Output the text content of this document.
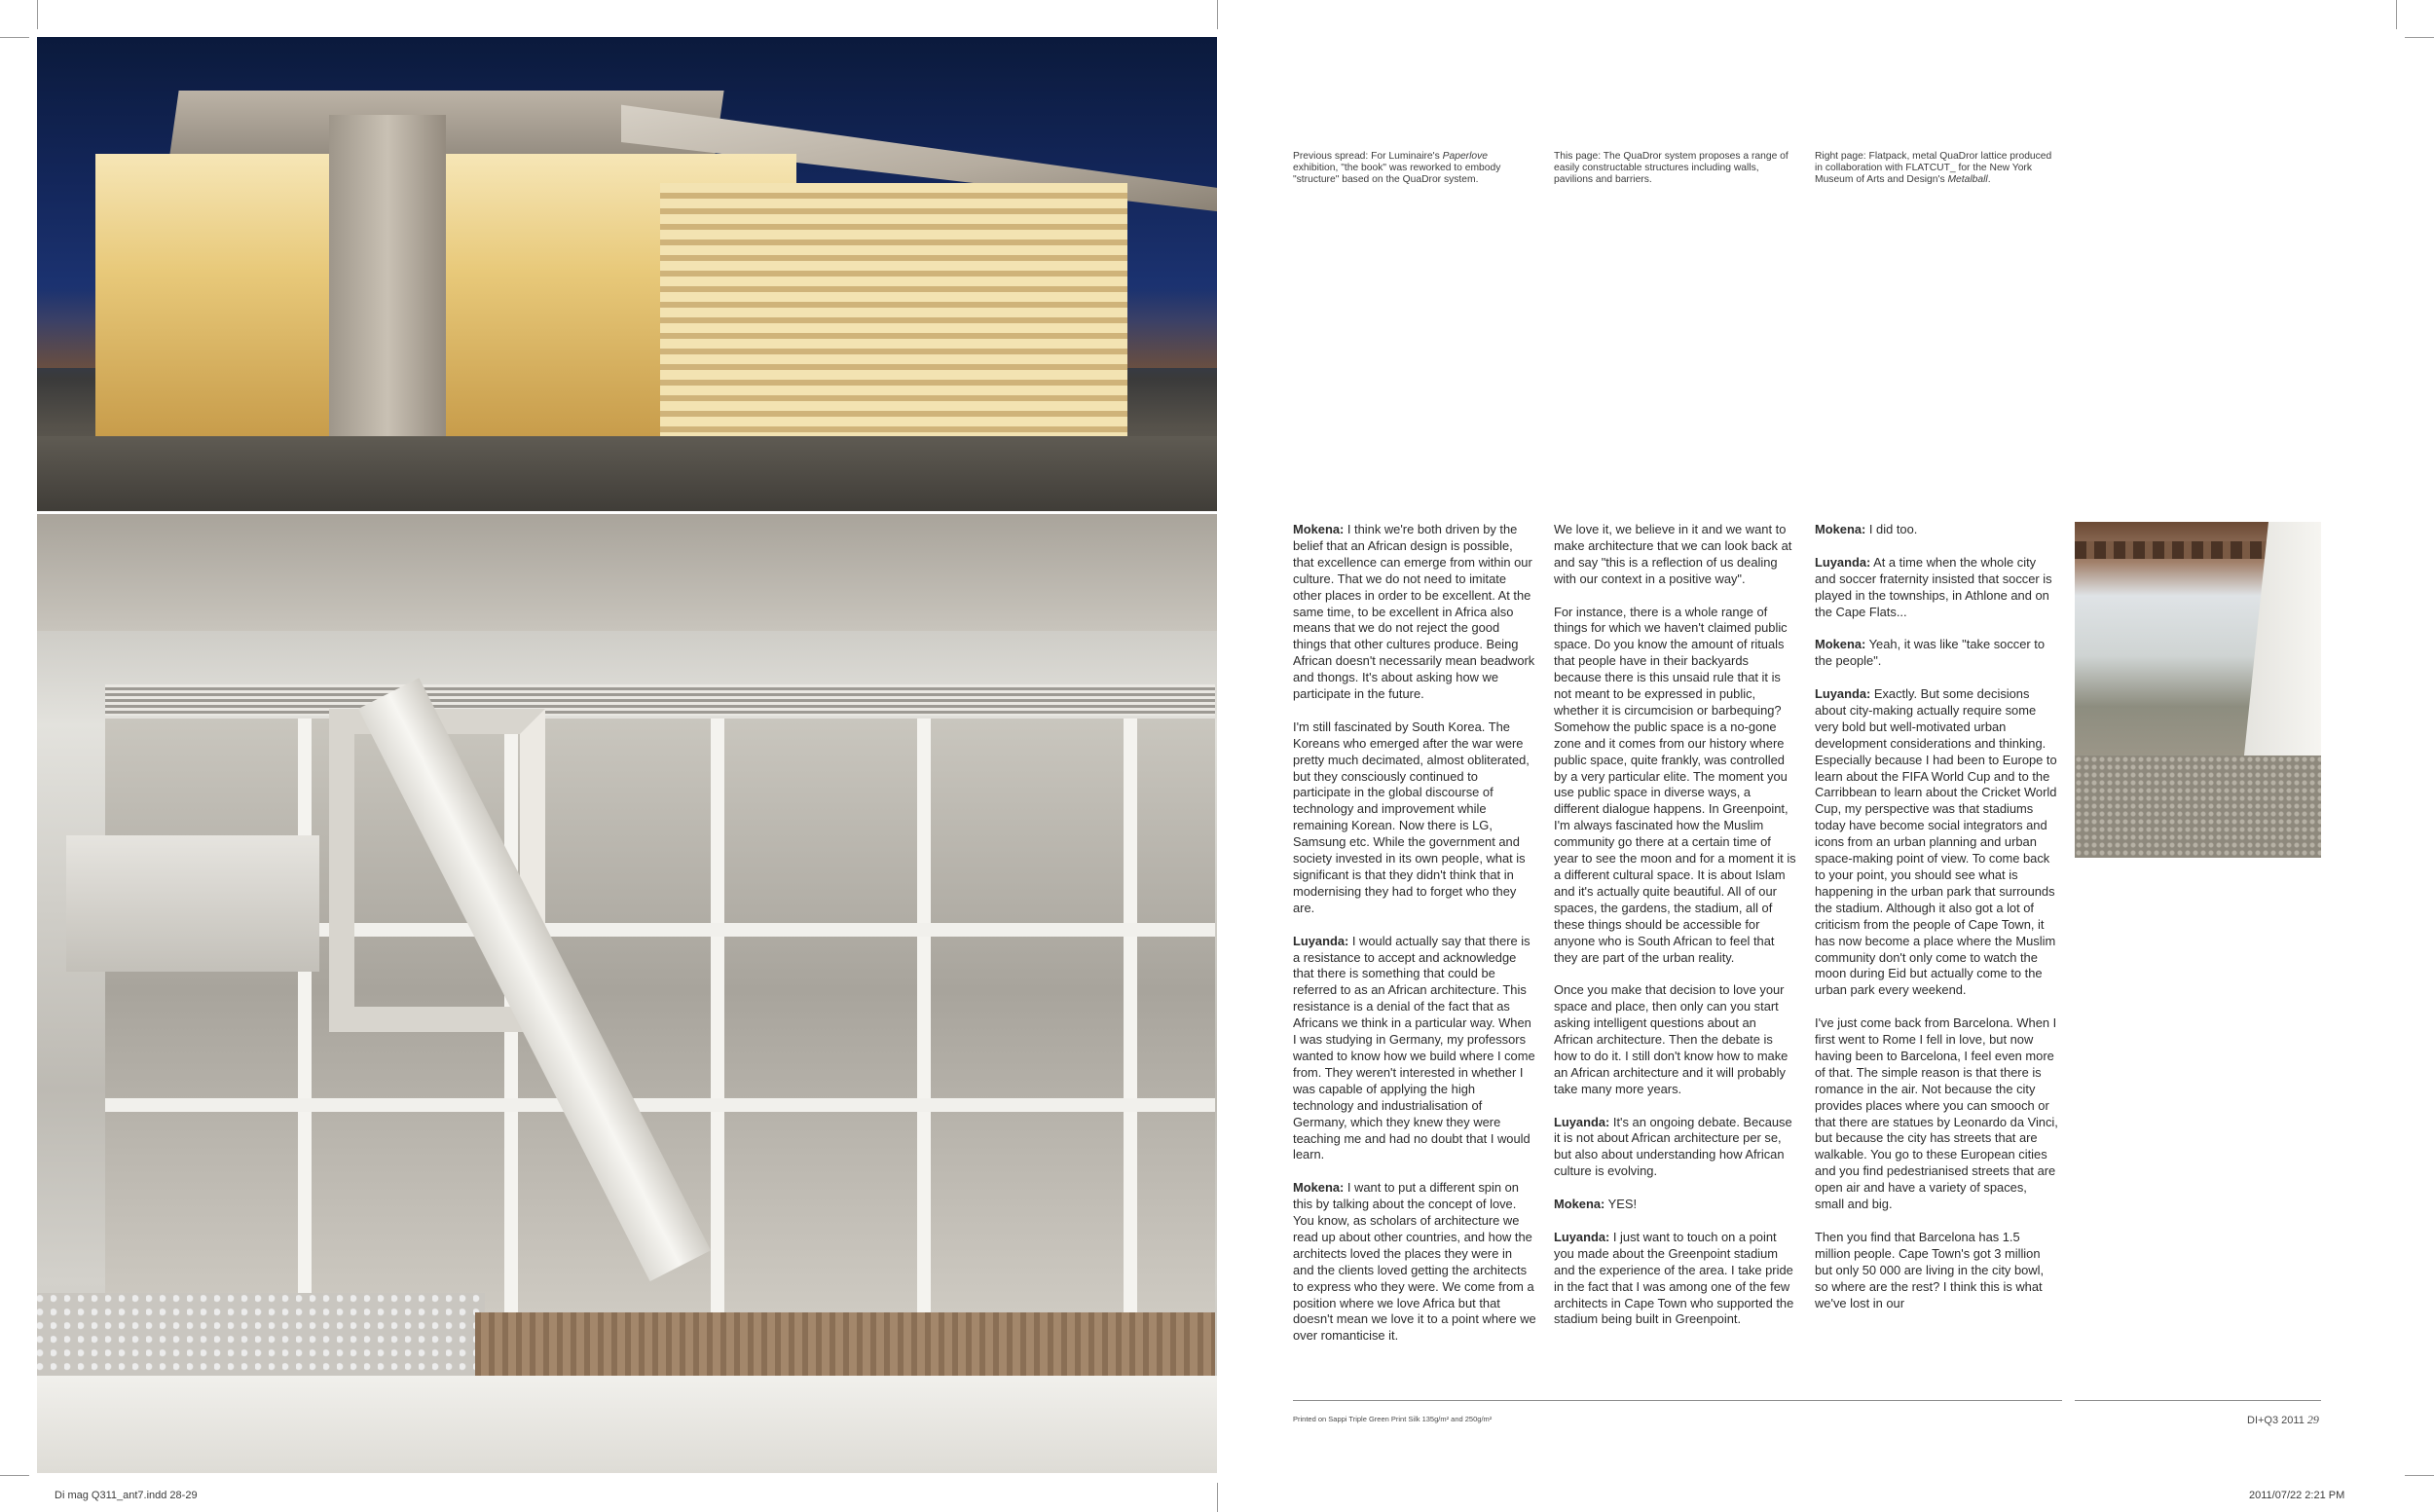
Previous spread: For Luminaire's Paperlove exhibition, "the book" was reworked to embody "structure" based on the QuaDror system.
This page: The QuaDror system proposes a range of easily constructable structures including walls, pavilions and barriers.
Right page: Flatpack, metal QuaDror lattice produced in collaboration with FLATCUT_ for the New York Museum of Arts and Design's Metalball.

Mokena: I think we're both driven by the belief that an African design is possible, that excellence can emerge from within our culture. That we do not need to imitate other places in order to be excellent. At the same time, to be excellent in Africa also means that we do not reject the good things that other cultures produce. Being African doesn't necessarily mean beadwork and thongs. It's about asking how we participate in the future.

I'm still fascinated by South Korea. The Koreans who emerged after the war were pretty much decimated, almost obliterated, but they consciously continued to participate in the global discourse of technology and improvement while remaining Korean. Now there is LG, Samsung etc. While the government and society invested in its own people, what is significant is that they didn't think that in modernising they had to forget who they are.

Luyanda: I would actually say that there is a resistance to accept and acknowledge that there is something that could be referred to as an African architecture. This resistance is a denial of the fact that as Africans we think in a particular way. When I was studying in Germany, my professors wanted to know how we build where I come from. They weren't interested in whether I was capable of applying the high technology and industrialisation of Germany, which they knew they were teaching me and had no doubt that I would learn.

Mokena: I want to put a different spin on this by talking about the concept of love. You know, as scholars of architecture we read up about other countries, and how the architects loved the places they were in and the clients loved getting the architects to express who they were. We come from a position where we love Africa but that doesn't mean we love it to a point where we over romanticise it.

We love it, we believe in it and we want to make architecture that we can look back at and say "this is a reflection of us dealing with our context in a positive way".

For instance, there is a whole range of things for which we haven't claimed public space. Do you know the amount of rituals that people have in their backyards because there is this unsaid rule that it is not meant to be expressed in public, whether it is circumcision or barbequing? Somehow the public space is a no-gone zone and it comes from our history where public space, quite frankly, was controlled by a very particular elite. The moment you use public space in diverse ways, a different dialogue happens. In Greenpoint, I'm always fascinated how the Muslim community go there at a certain time of year to see the moon and for a moment it is a different cultural space. It is about Islam and it's actually quite beautiful. All of our spaces, the gardens, the stadium, all of these things should be accessible for anyone who is South African to feel that they are part of the urban reality.

Once you make that decision to love your space and place, then only can you start asking intelligent questions about an African architecture. Then the debate is how to do it. I still don't know how to make an African architecture and it will probably take many more years.

Luyanda: It's an ongoing debate. Because it is not about African architecture per se, but also about understanding how African culture is evolving.

Mokena: YES!

Luyanda: I just want to touch on a point you made about the Greenpoint stadium and the experience of the area. I take pride in the fact that I was among one of the few architects in Cape Town who supported the stadium being built in Greenpoint.

Mokena: I did too.

Luyanda: At a time when the whole city and soccer fraternity insisted that soccer is played in the townships, in Athlone and on the Cape Flats...

Mokena: Yeah, it was like "take soccer to the people".

Luyanda: Exactly. But some decisions about city-making actually require some very bold but well-motivated urban development considerations and thinking. Especially because I had been to Europe to learn about the FIFA World Cup and to the Carribbean to learn about the Cricket World Cup, my perspective was that stadiums today have become social integrators and icons from an urban planning and urban space-making point of view. To come back to your point, you should see what is happening in the urban park that surrounds the stadium. Although it also got a lot of criticism from the people of Cape Town, it has now become a place where the Muslim community don't only come to watch the moon during Eid but actually come to the urban park every weekend.

I've just come back from Barcelona. When I first went to Rome I fell in love, but now having been to Barcelona, I feel even more of that. The simple reason is that there is romance in the air. Not because the city provides places where you can smooch or that there are statues by Leonardo da Vinci, but because the city has streets that are walkable. You go to these European cities and you find pedestrianised streets that are open air and have a variety of spaces, small and big.

Then you find that Barcelona has 1.5 million people. Cape Town's got 3 million but only 50 000 are living in the city bowl, so where are the rest? I think this is what we've lost in our

Printed on Sappi Triple Green Print Silk 135g/m² and 250g/m²	DI+Q3 2011 29
Di mag Q311_ant7.indd 28-29	2011/07/22 2:21 PM
